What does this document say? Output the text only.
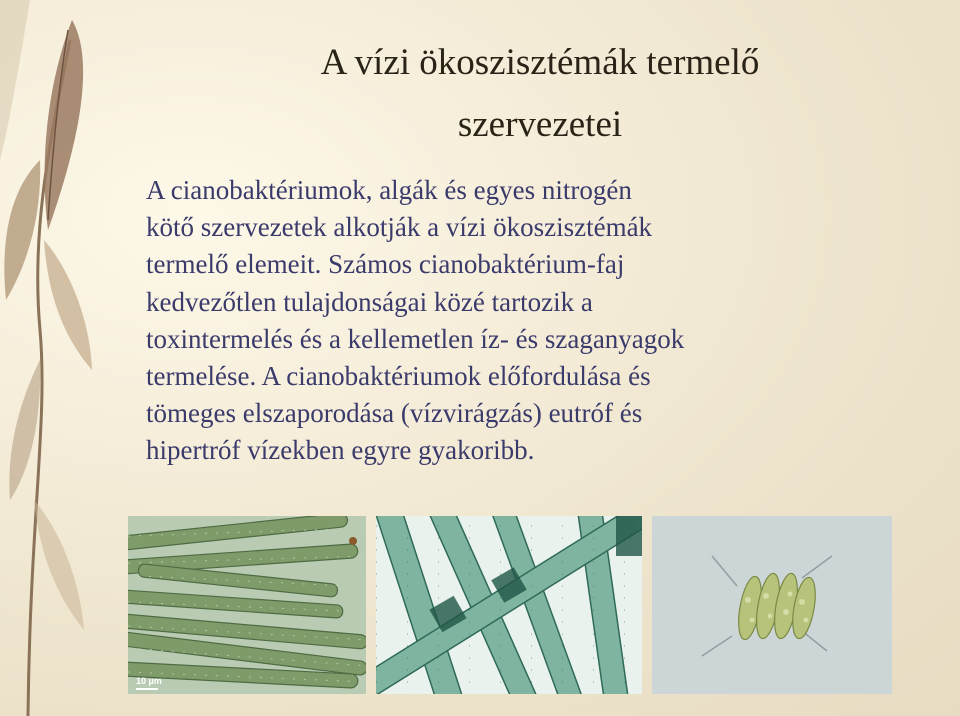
A vízi ökoszisztémák termelő
szervezetei

A cianobaktériumok, algák és egyes nitrogén
kötő szervezetek alkotják a vízi ökoszisztémák
termelő elemeit. Számos cianobaktérium-faj
kedvezőtlen tulajdonságai közé tartozik a
toxintermelés és a kellemetlen íz- és szaganyagok
termelése. A cianobaktériumok előfordulása és
tömeges elszaporodása (vízvirágzás) eutróf és
hipertróf vízekben egyre gyakoribb.

10 µm
